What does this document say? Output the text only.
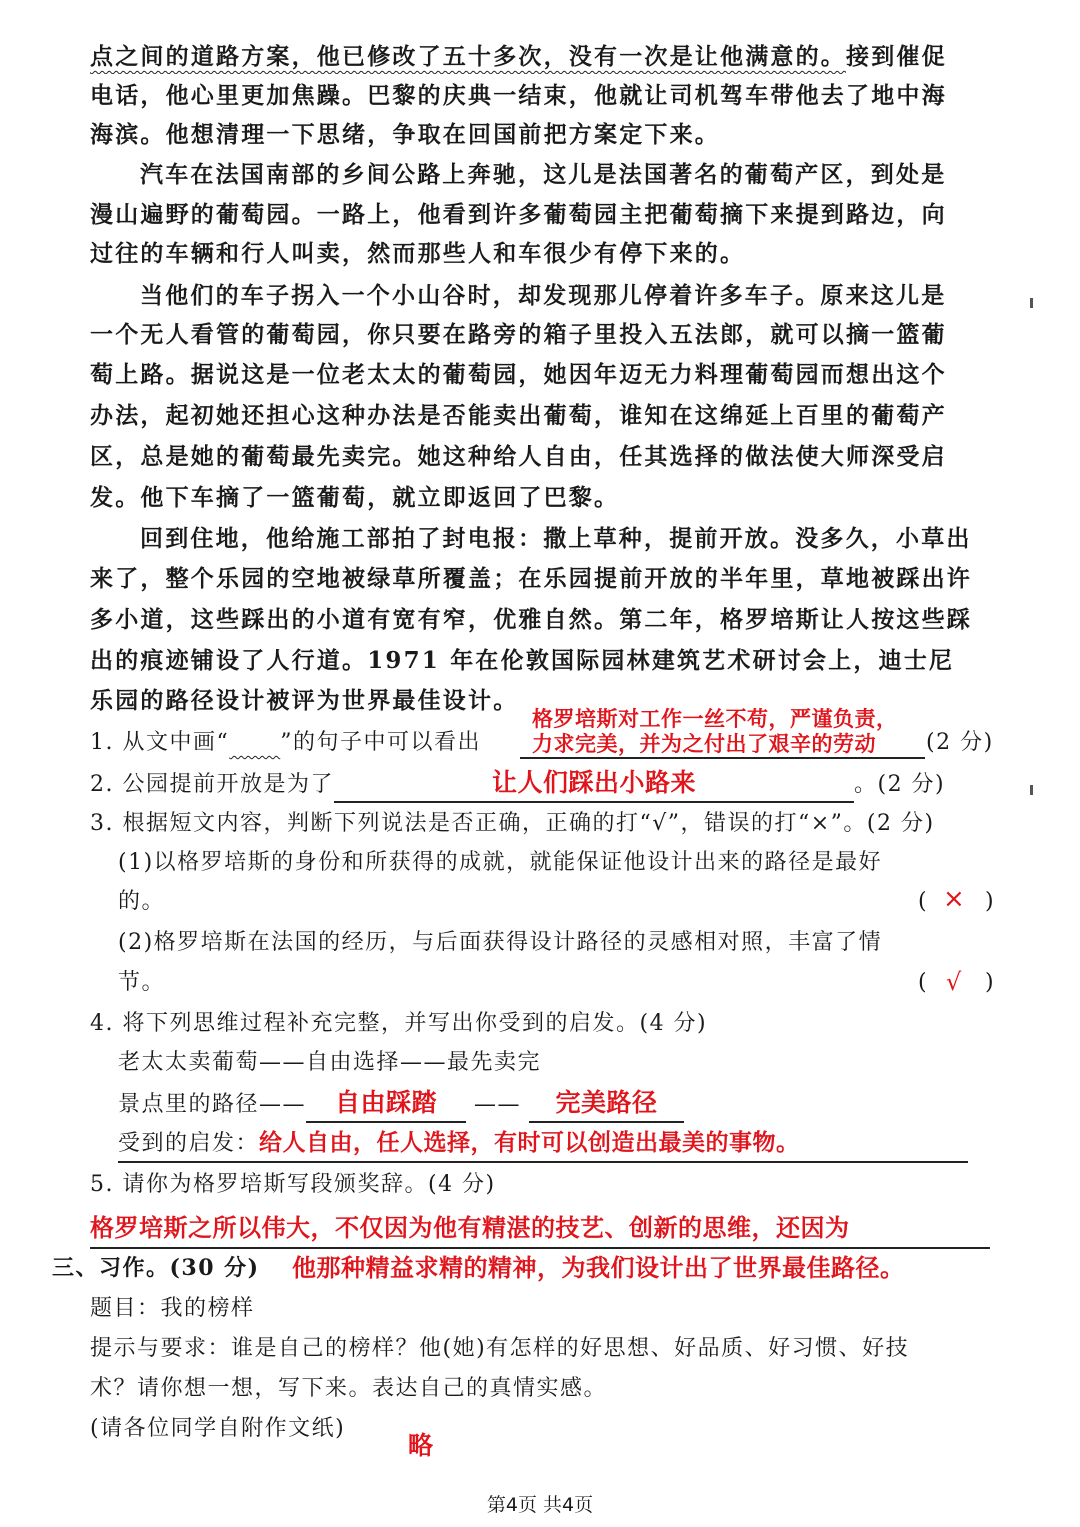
点之间的道路方案，他已修改了五十多次，没有一次是让他满意的。接到催促
电话，他心里更加焦躁。巴黎的庆典一结束，他就让司机驾车带他去了地中海
海滨。他想清理一下思绪，争取在回国前把方案定下来。
汽车在法国南部的乡间公路上奔驰，这儿是法国著名的葡萄产区，到处是
漫山遍野的葡萄园。一路上，他看到许多葡萄园主把葡萄摘下来提到路边，向
过往的车辆和行人叫卖，然而那些人和车很少有停下来的。
当他们的车子拐入一个小山谷时，却发现那儿停着许多车子。原来这儿是
一个无人看管的葡萄园，你只要在路旁的箱子里投入五法郎，就可以摘一篮葡
萄上路。据说这是一位老太太的葡萄园，她因年迈无力料理葡萄园而想出这个
办法，起初她还担心这种办法是否能卖出葡萄，谁知在这绵延上百里的葡萄产
区，总是她的葡萄最先卖完。她这种给人自由，任其选择的做法使大师深受启
发。他下车摘了一篮葡萄，就立即返回了巴黎。
回到住地，他给施工部拍了封电报：撒上草种，提前开放。没多久，小草出
来了，整个乐园的空地被绿草所覆盖；在乐园提前开放的半年里，草地被踩出许
多小道，这些踩出的小道有宽有窄，优雅自然。第二年，格罗培斯让人按这些踩
出的痕迹铺设了人行道。1971 年在伦敦国际园林建筑艺术研讨会上，迪士尼
乐园的路径设计被评为世界最佳设计。
格罗培斯对工作一丝不苟，严谨负责，
1. 从文中画“ ”的句子中可以看出 力求完美，并为之付出了艰辛的劳动 (2 分)
2. 公园提前开放是为了	让人们踩出小路来	。(2 分)
3. 根据短文内容，判断下列说法是否正确，正确的打“√”，错误的打“×”。(2 分)
(1)以格罗培斯的身份和所获得的成就，就能保证他设计出来的路径是最好
的。	( × )
(2)格罗培斯在法国的经历，与后面获得设计路径的灵感相对照，丰富了情
节。	( √ )
4. 将下列思维过程补充完整，并写出你受到的启发。(4 分)
老太太卖葡萄——自由选择——最先卖完
景点里的路径—— 自由踩踏 —— 完美路径
受到的启发：给人自由，任人选择，有时可以创造出最美的事物。
5. 请你为格罗培斯写段颁奖辞。(4 分)
格罗培斯之所以伟大，不仅因为他有精湛的技艺、创新的思维，还因为
三、习作。(30 分) 他那种精益求精的精神，为我们设计出了世界最佳路径。
题目：我的榜样
提示与要求：谁是自己的榜样？他(她)有怎样的好思想、好品质、好习惯、好技
术？请你想一想，写下来。表达自己的真情实感。
(请各位同学自附作文纸)
略
第4页 共4页
